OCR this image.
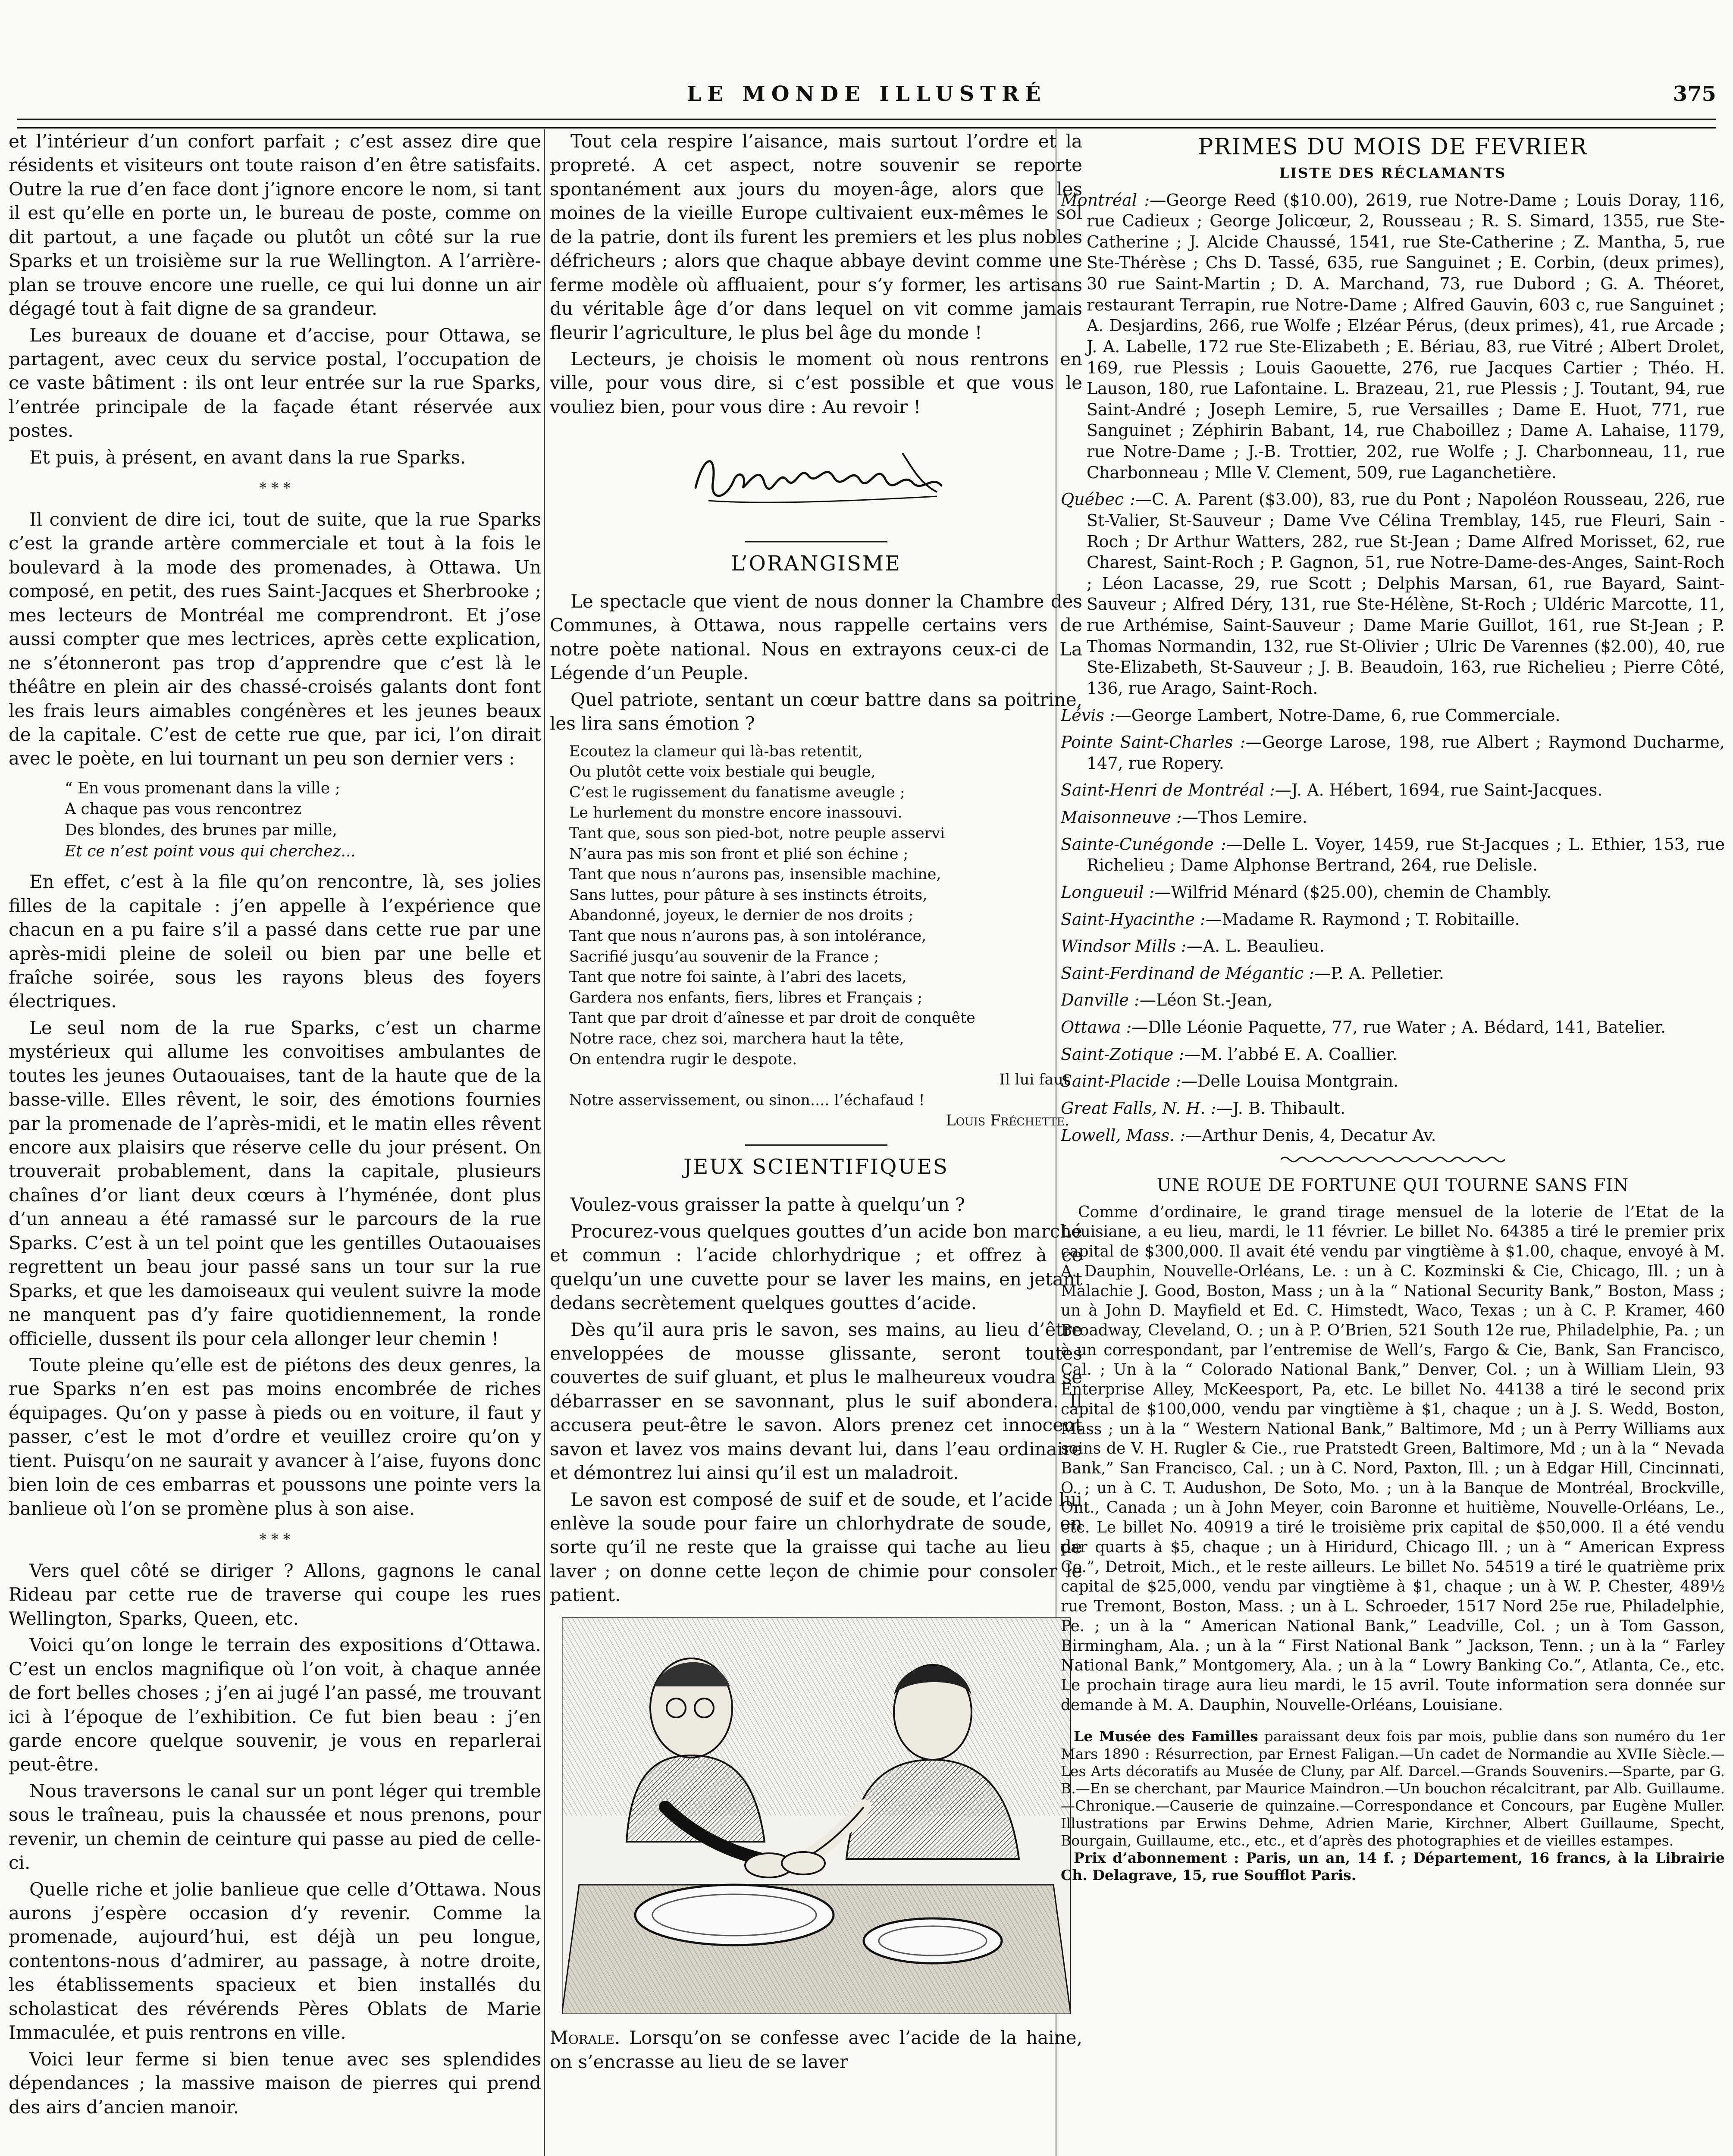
LE MONDE ILLUSTRÉ	375

et l’intérieur d’un confort parfait ; c’est assez dire que résidents et visiteurs ont toute raison d’en être satisfaits. Outre la rue d’en face dont j’ignore encore le nom, si tant il est qu’elle en porte un, le bureau de poste, comme on dit partout, a une façade ou plutôt un côté sur la rue Sparks et un troisième sur la rue Wellington. A l’arrière-plan se trouve encore une ruelle, ce qui lui donne un air dégagé tout à fait digne de sa grandeur.

Les bureaux de douane et d’accise, pour Ottawa, se partagent, avec ceux du service postal, l’occupation de ce vaste bâtiment : ils ont leur entrée sur la rue Sparks, l’entrée principale de la façade étant réservée aux postes.

Et puis, à présent, en avant dans la rue Sparks.

* * *

Il convient de dire ici, tout de suite, que la rue Sparks c’est la grande artère commerciale et tout à la fois le boulevard à la mode des promenades, à Ottawa. Un composé, en petit, des rues Saint-Jacques et Sherbrooke ; mes lecteurs de Montréal me comprendront. Et j’ose aussi compter que mes lectrices, après cette explication, ne s’étonneront pas trop d’apprendre que c’est là le théâtre en plein air des chassé-croisés galants dont font les frais leurs aimables congénères et les jeunes beaux de la capitale. C’est de cette rue que, par ici, l’on dirait avec le poète, en lui tournant un peu son dernier vers :

“ En vous promenant dans la ville ;
A chaque pas vous rencontrez
Des blondes, des brunes par mille,
Et ce n’est point vous qui cherchez...

En effet, c’est à la file qu’on rencontre, là, ses jolies filles de la capitale : j’en appelle à l’expérience que chacun en a pu faire s’il a passé dans cette rue par une après-midi pleine de soleil ou bien par une belle et fraîche soirée, sous les rayons bleus des foyers électriques.

Le seul nom de la rue Sparks, c’est un charme mystérieux qui allume les convoitises ambulantes de toutes les jeunes Outaouaises, tant de la haute que de la basse-ville. Elles rêvent, le soir, des émotions fournies par la promenade de l’après-midi, et le matin elles rêvent encore aux plaisirs que réserve celle du jour présent. On trouverait probablement, dans la capitale, plusieurs chaînes d’or liant deux cœurs à l’hyménée, dont plus d’un anneau a été ramassé sur le parcours de la rue Sparks. C’est à un tel point que les gentilles Outaouaises regrettent un beau jour passé sans un tour sur la rue Sparks, et que les damoiseaux qui veulent suivre la mode ne manquent pas d’y faire quotidiennement, la ronde officielle, dussent ils pour cela allonger leur chemin !

Toute pleine qu’elle est de piétons des deux genres, la rue Sparks n’en est pas moins encombrée de riches équipages. Qu’on y passe à pieds ou en voiture, il faut y passer, c’est le mot d’ordre et veuillez croire qu’on y tient. Puisqu’on ne saurait y avancer à l’aise, fuyons donc bien loin de ces embarras et poussons une pointe vers la banlieue où l’on se promène plus à son aise.

* * *

Vers quel côté se diriger ? Allons, gagnons le canal Rideau par cette rue de traverse qui coupe les rues Wellington, Sparks, Queen, etc.

Voici qu’on longe le terrain des expositions d’Ottawa. C’est un enclos magnifique où l’on voit, à chaque année de fort belles choses ; j’en ai jugé l’an passé, me trouvant ici à l’époque de l’exhibition. Ce fut bien beau : j’en garde encore quelque souvenir, je vous en reparlerai peut-être.

Nous traversons le canal sur un pont léger qui tremble sous le traîneau, puis la chaussée et nous prenons, pour revenir, un chemin de ceinture qui passe au pied de celle-ci.

Quelle riche et jolie banlieue que celle d’Ottawa. Nous aurons j’espère occasion d’y revenir. Comme la promenade, aujourd’hui, est déjà un peu longue, contentons-nous d’admirer, au passage, à notre droite, les établissements spacieux et bien installés du scholasticat des révérends Pères Oblats de Marie Immaculée, et puis rentrons en ville.

Voici leur ferme si bien tenue avec ses splendides dépendances ; la massive maison de pierres qui prend des airs d’ancien manoir.

Tout cela respire l’aisance, mais surtout l’ordre et la propreté. A cet aspect, notre souvenir se reporte spontanément aux jours du moyen-âge, alors que les moines de la vieille Europe cultivaient eux-mêmes le sol de la patrie, dont ils furent les premiers et les plus nobles défricheurs ; alors que chaque abbaye devint comme une ferme modèle où affluaient, pour s’y former, les artisans du véritable âge d’or dans lequel on vit comme jamais fleurir l’agriculture, le plus bel âge du monde !

Lecteurs, je choisis le moment où nous rentrons en ville, pour vous dire, si c’est possible et que vous le vouliez bien, pour vous dire : Au revoir !

L’ORANGISME

Le spectacle que vient de nous donner la Chambre des Communes, à Ottawa, nous rappelle certains vers de notre poète national. Nous en extrayons ceux-ci de La Légende d’un Peuple.

Quel patriote, sentant un cœur battre dans sa poitrine, les lira sans émotion ?

Ecoutez la clameur qui là-bas retentit,
Ou plutôt cette voix bestiale qui beugle,
C’est le rugissement du fanatisme aveugle ;
Le hurlement du monstre encore inassouvi.
Tant que, sous son pied-bot, notre peuple asservi
N’aura pas mis son front et plié son échine ;
Tant que nous n’aurons pas, insensible machine,
Sans luttes, pour pâture à ses instincts étroits,
Abandonné, joyeux, le dernier de nos droits ;
Tant que nous n’aurons pas, à son intolérance,
Sacrifié jusqu’au souvenir de la France ;
Tant que notre foi sainte, à l’abri des lacets,
Gardera nos enfants, fiers, libres et Français ;
Tant que par droit d’aînesse et par droit de conquête
Notre race, chez soi, marchera haut la tête,
On entendra rugir le despote.
Il lui faut
Notre asservissement, ou sinon.... l’échafaud !
Louis Fréchette.
JEUX SCIENTIFIQUES

Voulez-vous graisser la patte à quelqu’un ?

Procurez-vous quelques gouttes d’un acide bon marché et commun : l’acide chlorhydrique ; et offrez à ce quelqu’un une cuvette pour se laver les mains, en jetant dedans secrètement quelques gouttes d’acide.

Dès qu’il aura pris le savon, ses mains, au lieu d’être enveloppées de mousse glissante, seront toutes couvertes de suif gluant, et plus le malheureux voudra se débarrasser en se savonnant, plus le suif abondera. Il accusera peut-être le savon. Alors prenez cet innocent savon et lavez vos mains devant lui, dans l’eau ordinaire et démontrez lui ainsi qu’il est un maladroit.

Le savon est composé de suif et de soude, et l’acide lui enlève la soude pour faire un chlorhydrate de soude, en sorte qu’il ne reste que la graisse qui tache au lieu de laver ; on donne cette leçon de chimie pour consoler le patient.

Morale. Lorsqu’on se confesse avec l’acide de la haine, on s’encrasse au lieu de se laver

PRIMES DU MOIS DE FEVRIER
LISTE DES RÉCLAMANTS
Montréal :—George Reed ($10.00), 2619, rue Notre-Dame ; Louis Doray, 116, rue Cadieux ; George Jolicœur, 2, Rousseau ; R. S. Simard, 1355, rue Ste-Catherine ; J. Alcide Chaussé, 1541, rue Ste-Catherine ; Z. Mantha, 5, rue Ste-Thérèse ; Chs D. Tassé, 635, rue Sanguinet ; E. Corbin, (deux primes), 30 rue Saint-Martin ; D. A. Marchand, 73, rue Dubord ; G. A. Théoret, restaurant Terrapin, rue Notre-Dame ; Alfred Gauvin, 603 c, rue Sanguinet ; A. Desjardins, 266, rue Wolfe ; Elzéar Pérus, (deux primes), 41, rue Arcade ; J. A. Labelle, 172 rue Ste-Elizabeth ; E. Bériau, 83, rue Vitré ; Albert Drolet, 169, rue Plessis ; Louis Gaouette, 276, rue Jacques Cartier ; Théo. H. Lauson, 180, rue Lafontaine. L. Brazeau, 21, rue Plessis ; J. Toutant, 94, rue Saint-André ; Joseph Lemire, 5, rue Versailles ; Dame E. Huot, 771, rue Sanguinet ; Zéphirin Babant, 14, rue Chaboillez ; Dame A. Lahaise, 1179, rue Notre-Dame ; J.-B. Trottier, 202, rue Wolfe ; J. Charbonneau, 11, rue Charbonneau ; Mlle V. Clement, 509, rue Laganchetière.
Québec :—C. A. Parent ($3.00), 83, rue du Pont ; Napoléon Rousseau, 226, rue St-Valier, St-Sauveur ; Dame Vve Célina Tremblay, 145, rue Fleuri, Sain -Roch ; Dr Arthur Watters, 282, rue St-Jean ; Dame Alfred Morisset, 62, rue Charest, Saint-Roch ; P. Gagnon, 51, rue Notre-Dame-des-Anges, Saint-Roch ; Léon Lacasse, 29, rue Scott ; Delphis Marsan, 61, rue Bayard, Saint-Sauveur ; Alfred Déry, 131, rue Ste-Hélène, St-Roch ; Uldéric Marcotte, 11, rue Arthémise, Saint-Sauveur ; Dame Marie Guillot, 161, rue St-Jean ; P. Thomas Normandin, 132, rue St-Olivier ; Ulric De Varennes ($2.00), 40, rue Ste-Elizabeth, St-Sauveur ; J. B. Beaudoin, 163, rue Richelieu ; Pierre Côté, 136, rue Arago, Saint-Roch.
Lévis :—George Lambert, Notre-Dame, 6, rue Commerciale.
Pointe Saint-Charles :—George Larose, 198, rue Albert ; Raymond Ducharme, 147, rue Ropery.
Saint-Henri de Montréal :—J. A. Hébert, 1694, rue Saint-Jacques.
Maisonneuve :—Thos Lemire.
Sainte-Cunégonde :—Delle L. Voyer, 1459, rue St-Jacques ; L. Ethier, 153, rue Richelieu ; Dame Alphonse Bertrand, 264, rue Delisle.
Longueuil :—Wilfrid Ménard ($25.00), chemin de Chambly.
Saint-Hyacinthe :—Madame R. Raymond ; T. Robitaille.
Windsor Mills :—A. L. Beaulieu.
Saint-Ferdinand de Mégantic :—P. A. Pelletier.
Danville :—Léon St.-Jean,
Ottawa :—Dlle Léonie Paquette, 77, rue Water ; A. Bédard, 141, Batelier.
Saint-Zotique :—M. l’abbé E. A. Coallier.
Saint-Placide :—Delle Louisa Montgrain.
Great Falls, N. H. :—J. B. Thibault.
Lowell, Mass. :—Arthur Denis, 4, Decatur Av.
UNE ROUE DE FORTUNE QUI TOURNE SANS FIN

Comme d’ordinaire, le grand tirage mensuel de la loterie de l’Etat de la Louisiane, a eu lieu, mardi, le 11 février. Le billet No. 64385 a tiré le premier prix capital de $300,000. Il avait été vendu par vingtième à $1.00, chaque, envoyé à M. A. Dauphin, Nouvelle-Orléans, Le. : un à C. Kozminski & Cie, Chicago, Ill. ; un à Malachie J. Good, Boston, Mass ; un à la “ National Security Bank,” Boston, Mass ; un à John D. Mayfield et Ed. C. Himstedt, Waco, Texas ; un à C. P. Kramer, 460 Broadway, Cleveland, O. ; un à P. O’Brien, 521 South 12e rue, Philadelphie, Pa. ; un à un correspondant, par l’entremise de Well’s, Fargo & Cie, Bank, San Francisco, Cal. ; Un à la “ Colorado National Bank,” Denver, Col. ; un à William Llein, 93 Enterprise Alley, McKeesport, Pa, etc. Le billet No. 44138 a tiré le second prix capital de $100,000, vendu par vingtième à $1, chaque ; un à J. S. Wedd, Boston, Mass ; un à la “ Western National Bank,” Baltimore, Md ; un à Perry Williams aux soins de V. H. Rugler & Cie., rue Pratstedt Green, Baltimore, Md ; un à la “ Nevada Bank,” San Francisco, Cal. ; un à C. Nord, Paxton, Ill. ; un à Edgar Hill, Cincinnati, O. ; un à C. T. Audushon, De Soto, Mo. ; un à la Banque de Montréal, Brockville, Ont., Canada ; un à John Meyer, coin Baronne et huitième, Nouvelle-Orléans, Le., etc. Le billet No. 40919 a tiré le troisième prix capital de $50,000. Il a été vendu par quarts à $5, chaque ; un à Hiridurd, Chicago Ill. ; un à “ American Express Co.”, Detroit, Mich., et le reste ailleurs. Le billet No. 54519 a tiré le quatrième prix capital de $25,000, vendu par vingtième à $1, chaque ; un à W. P. Chester, 489½ rue Tremont, Boston, Mass. ; un à L. Schroeder, 1517 Nord 25e rue, Philadelphie, Pe. ; un à la “ American National Bank,” Leadville, Col. ; un à Tom Gasson, Birmingham, Ala. ; un à la “ First National Bank ” Jackson, Tenn. ; un à la “ Farley National Bank,” Montgomery, Ala. ; un à la “ Lowry Banking Co.”, Atlanta, Ce., etc. Le prochain tirage aura lieu mardi, le 15 avril. Toute information sera donnée sur demande à M. A. Dauphin, Nouvelle-Orléans, Louisiane.

Le Musée des Familles paraissant deux fois par mois, publie dans son numéro du 1er Mars 1890 : Résurrection, par Ernest Faligan.—Un cadet de Normandie au XVIIe Siècle.—Les Arts décoratifs au Musée de Cluny, par Alf. Darcel.—Grands Souvenirs.—Sparte, par G. B.—En se cherchant, par Maurice Maindron.—Un bouchon récalcitrant, par Alb. Guillaume.—Chronique.—Causerie de quinzaine.—Correspondance et Concours, par Eugène Muller. Illustrations par Erwins Dehme, Adrien Marie, Kirchner, Albert Guillaume, Specht, Bourgain, Guillaume, etc., etc., et d’après des photographies et de vieilles estampes.

Prix d’abonnement : Paris, un an, 14 f. ; Département, 16 francs, à la Librairie Ch. Delagrave, 15, rue Soufflot Paris.
